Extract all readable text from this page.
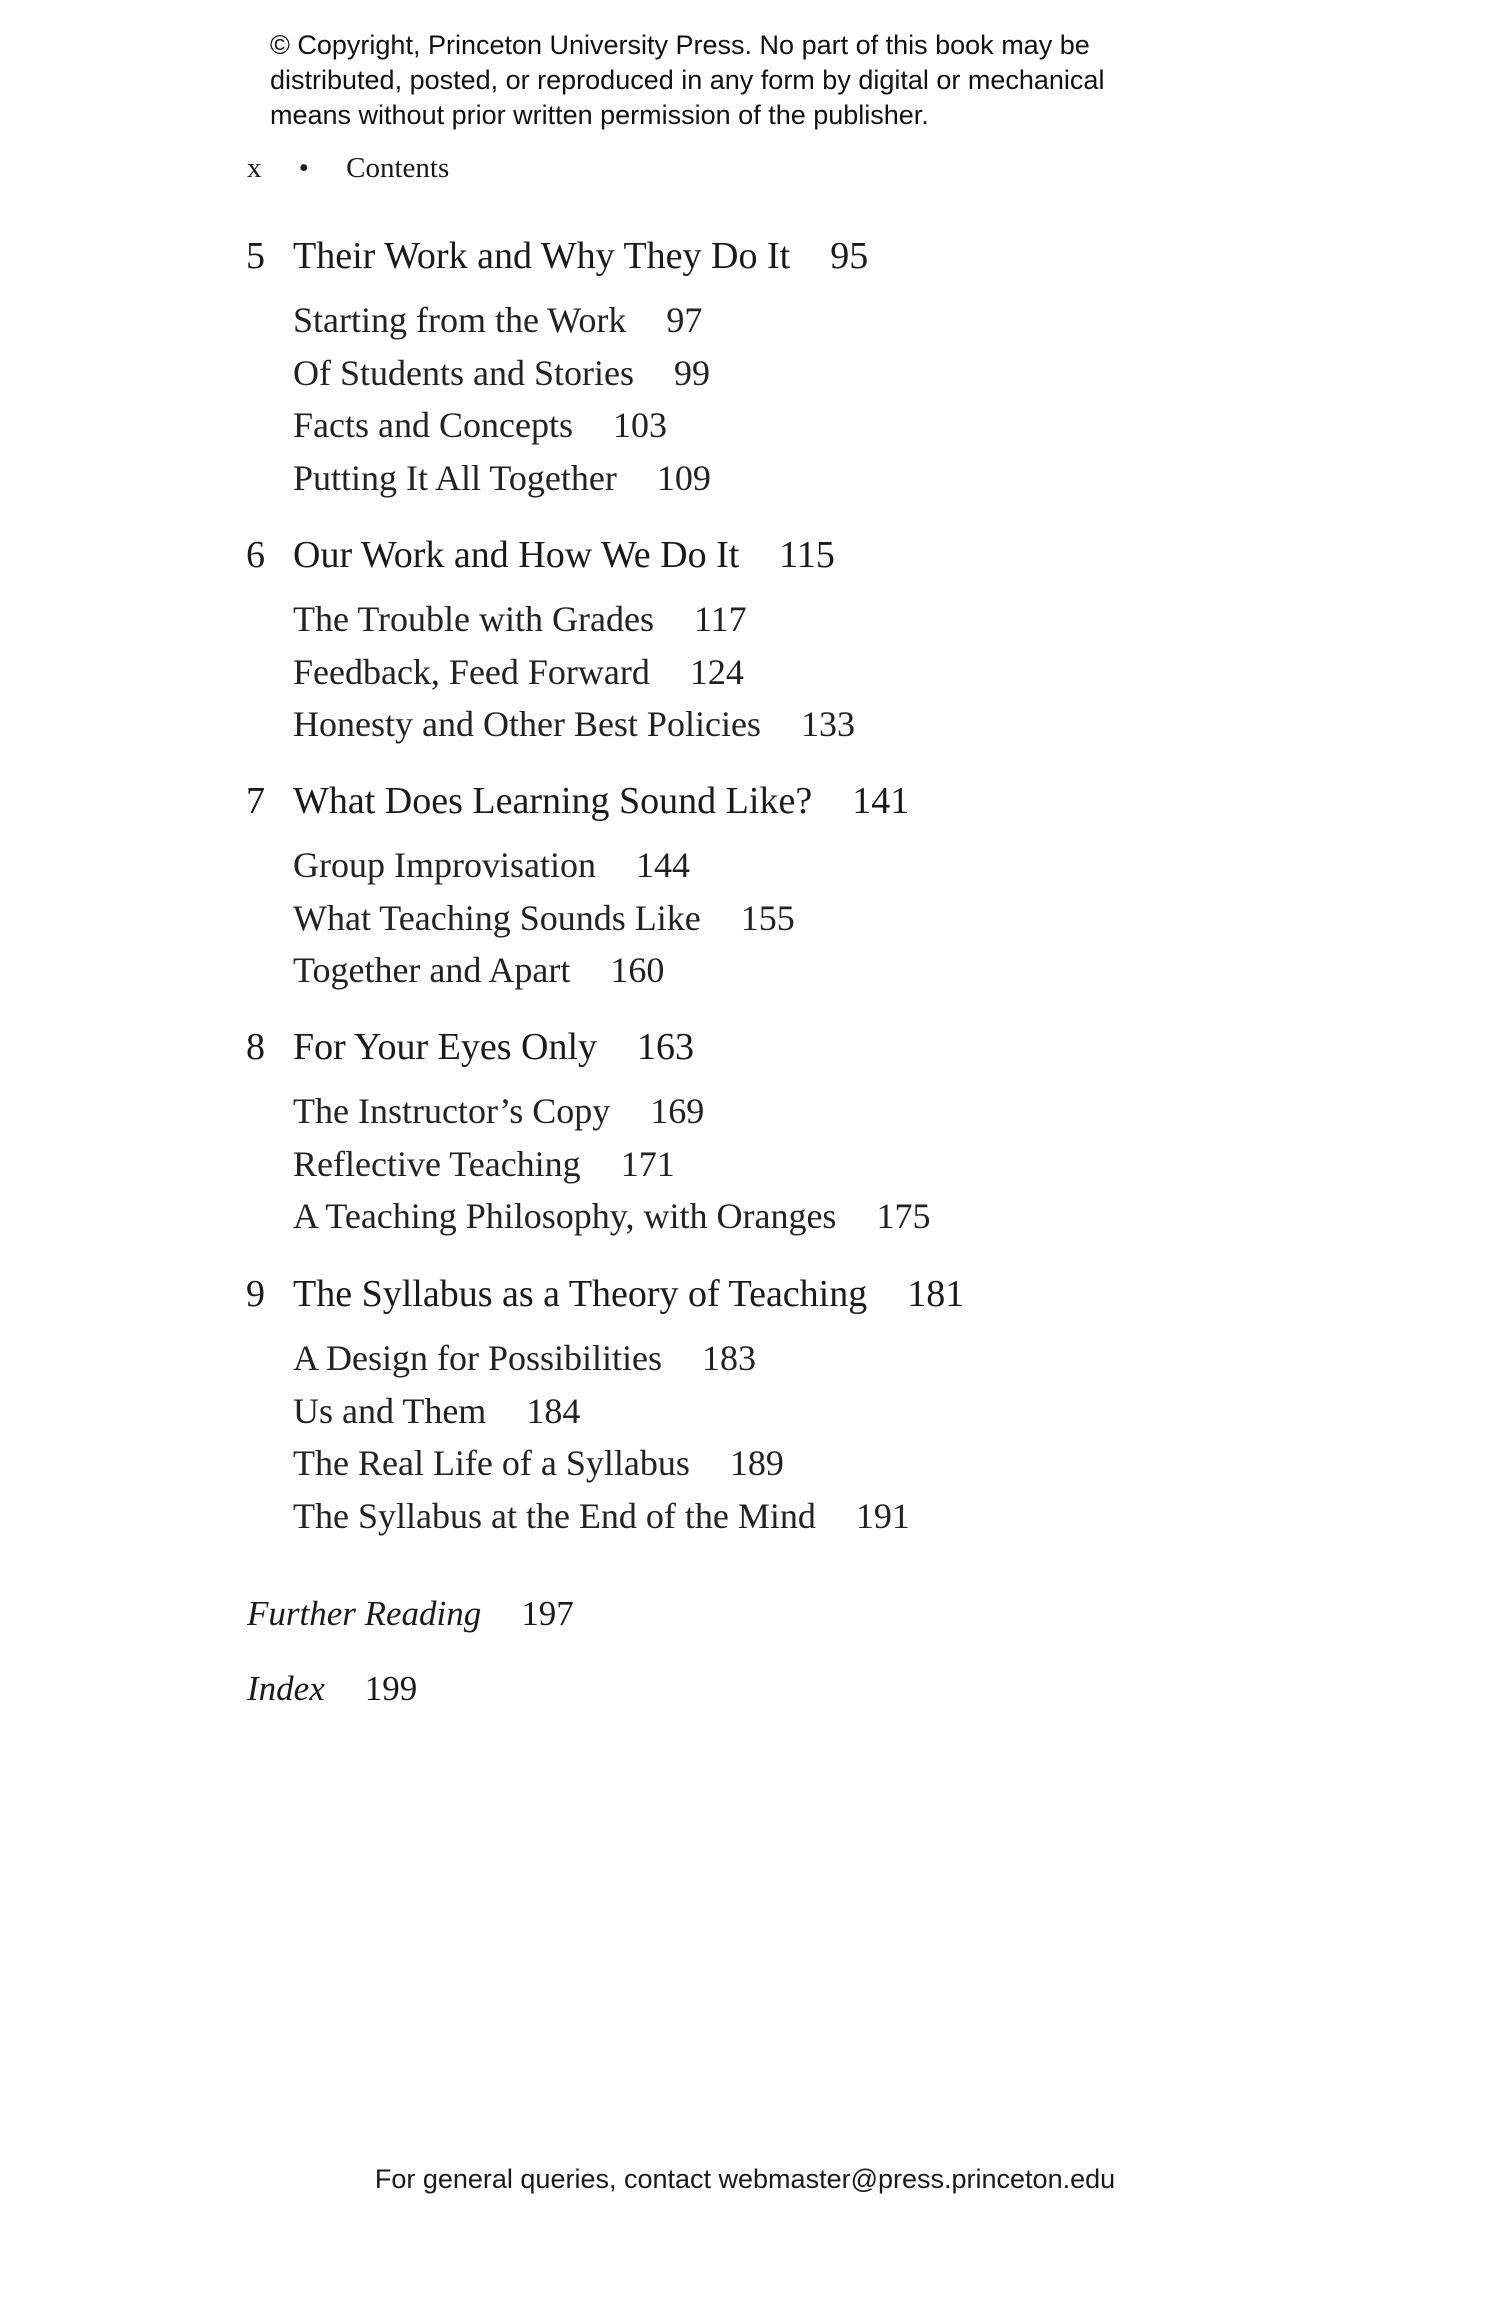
© Copyright, Princeton University Press. No part of this book may be
distributed, posted, or reproduced in any form by digital or mechanical
means without prior written permission of the publisher.
x • Contents
5 Their Work and Why They Do It 95
Starting from the Work 97
Of Students and Stories 99
Facts and Concepts 103
Putting It All Together 109
6 Our Work and How We Do It 115
The Trouble with Grades 117
Feedback, Feed Forward 124
Honesty and Other Best Policies 133
7 What Does Learning Sound Like? 141
Group Improvisation 144
What Teaching Sounds Like 155
Together and Apart 160
8 For Your Eyes Only 163
The Instructor’s Copy 169
Reflective Teaching 171
A Teaching Philosophy, with Oranges 175
9 The Syllabus as a Theory of Teaching 181
A Design for Possibilities 183
Us and Them 184
The Real Life of a Syllabus 189
The Syllabus at the End of the Mind 191
Further Reading 197
Index 199
For general queries, contact webmaster@press.princeton.edu
